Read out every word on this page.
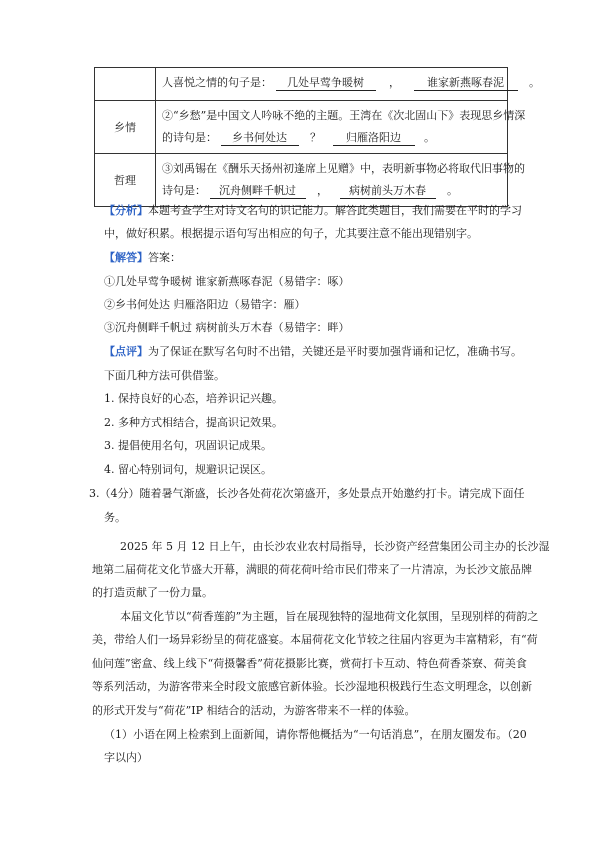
	人喜悦之情的句子是： 几处早莺争暖树 ， 谁家新燕啄春泥 。

乡情	②“乡愁”是中国文人吟咏不绝的主题。王湾在《次北固山下》表现思乡情深
的诗句是： 乡书何处达 ？ 归雁洛阳边 。

哲理	③刘禹锡在《酬乐天扬州初逢席上见赠》中，表明新事物必将取代旧事物的
诗句是： 沉舟侧畔千帆过 ， 病树前头万木春 。
【分析】本题考查学生对诗文名句的识记能力。解答此类题目，我们需要在平时的学习
中，做好积累。根据提示语句写出相应的句子，尤其要注意不能出现错别字。
【解答】答案：
①几处早莺争暖树 谁家新燕啄春泥（易错字：啄）
②乡书何处达 归雁洛阳边（易错字：雁）
③沉舟侧畔千帆过 病树前头万木春（易错字：畔）
【点评】为了保证在默写名句时不出错，关键还是平时要加强背诵和记忆，准确书写。
下面几种方法可供借鉴。
1. 保持良好的心态，培养识记兴趣。
2. 多种方式相结合，提高识记效果。
3. 提倡使用名句，巩固识记成果。
4. 留心特别词句，规避识记误区。
3.（4分）随着暑气渐盛，长沙各处荷花次第盛开，多处景点开始邀约打卡。请完成下面任
务。
2025 年 5 月 12 日上午，由长沙农业农村局指导，长沙资产经营集团公司主办的长沙湿
地第二届荷花文化节盛大开幕，满眼的荷花荷叶给市民们带来了一片清凉，为长沙文旅品牌
的打造贡献了一份力量。
本届文化节以“荷香莲韵”为主题，旨在展现独特的湿地荷文化氛围，呈现别样的荷韵之
美，带给人们一场异彩纷呈的荷花盛宴。本届荷花文化节较之往届内容更为丰富精彩，有“荷
仙问莲”密盒、线上线下“荷摄馨香”荷花摄影比赛，赏荷打卡互动、特色荷香茶寮、荷美食
等系列活动，为游客带来全时段文旅感官新体验。长沙湿地积极践行生态文明理念，以创新
的形式开发与“荷花”IP 相结合的活动，为游客带来不一样的体验。
（1）小语在网上检索到上面新闻，请你帮他概括为“一句话消息”，在朋友圈发布。（20
字以内）
